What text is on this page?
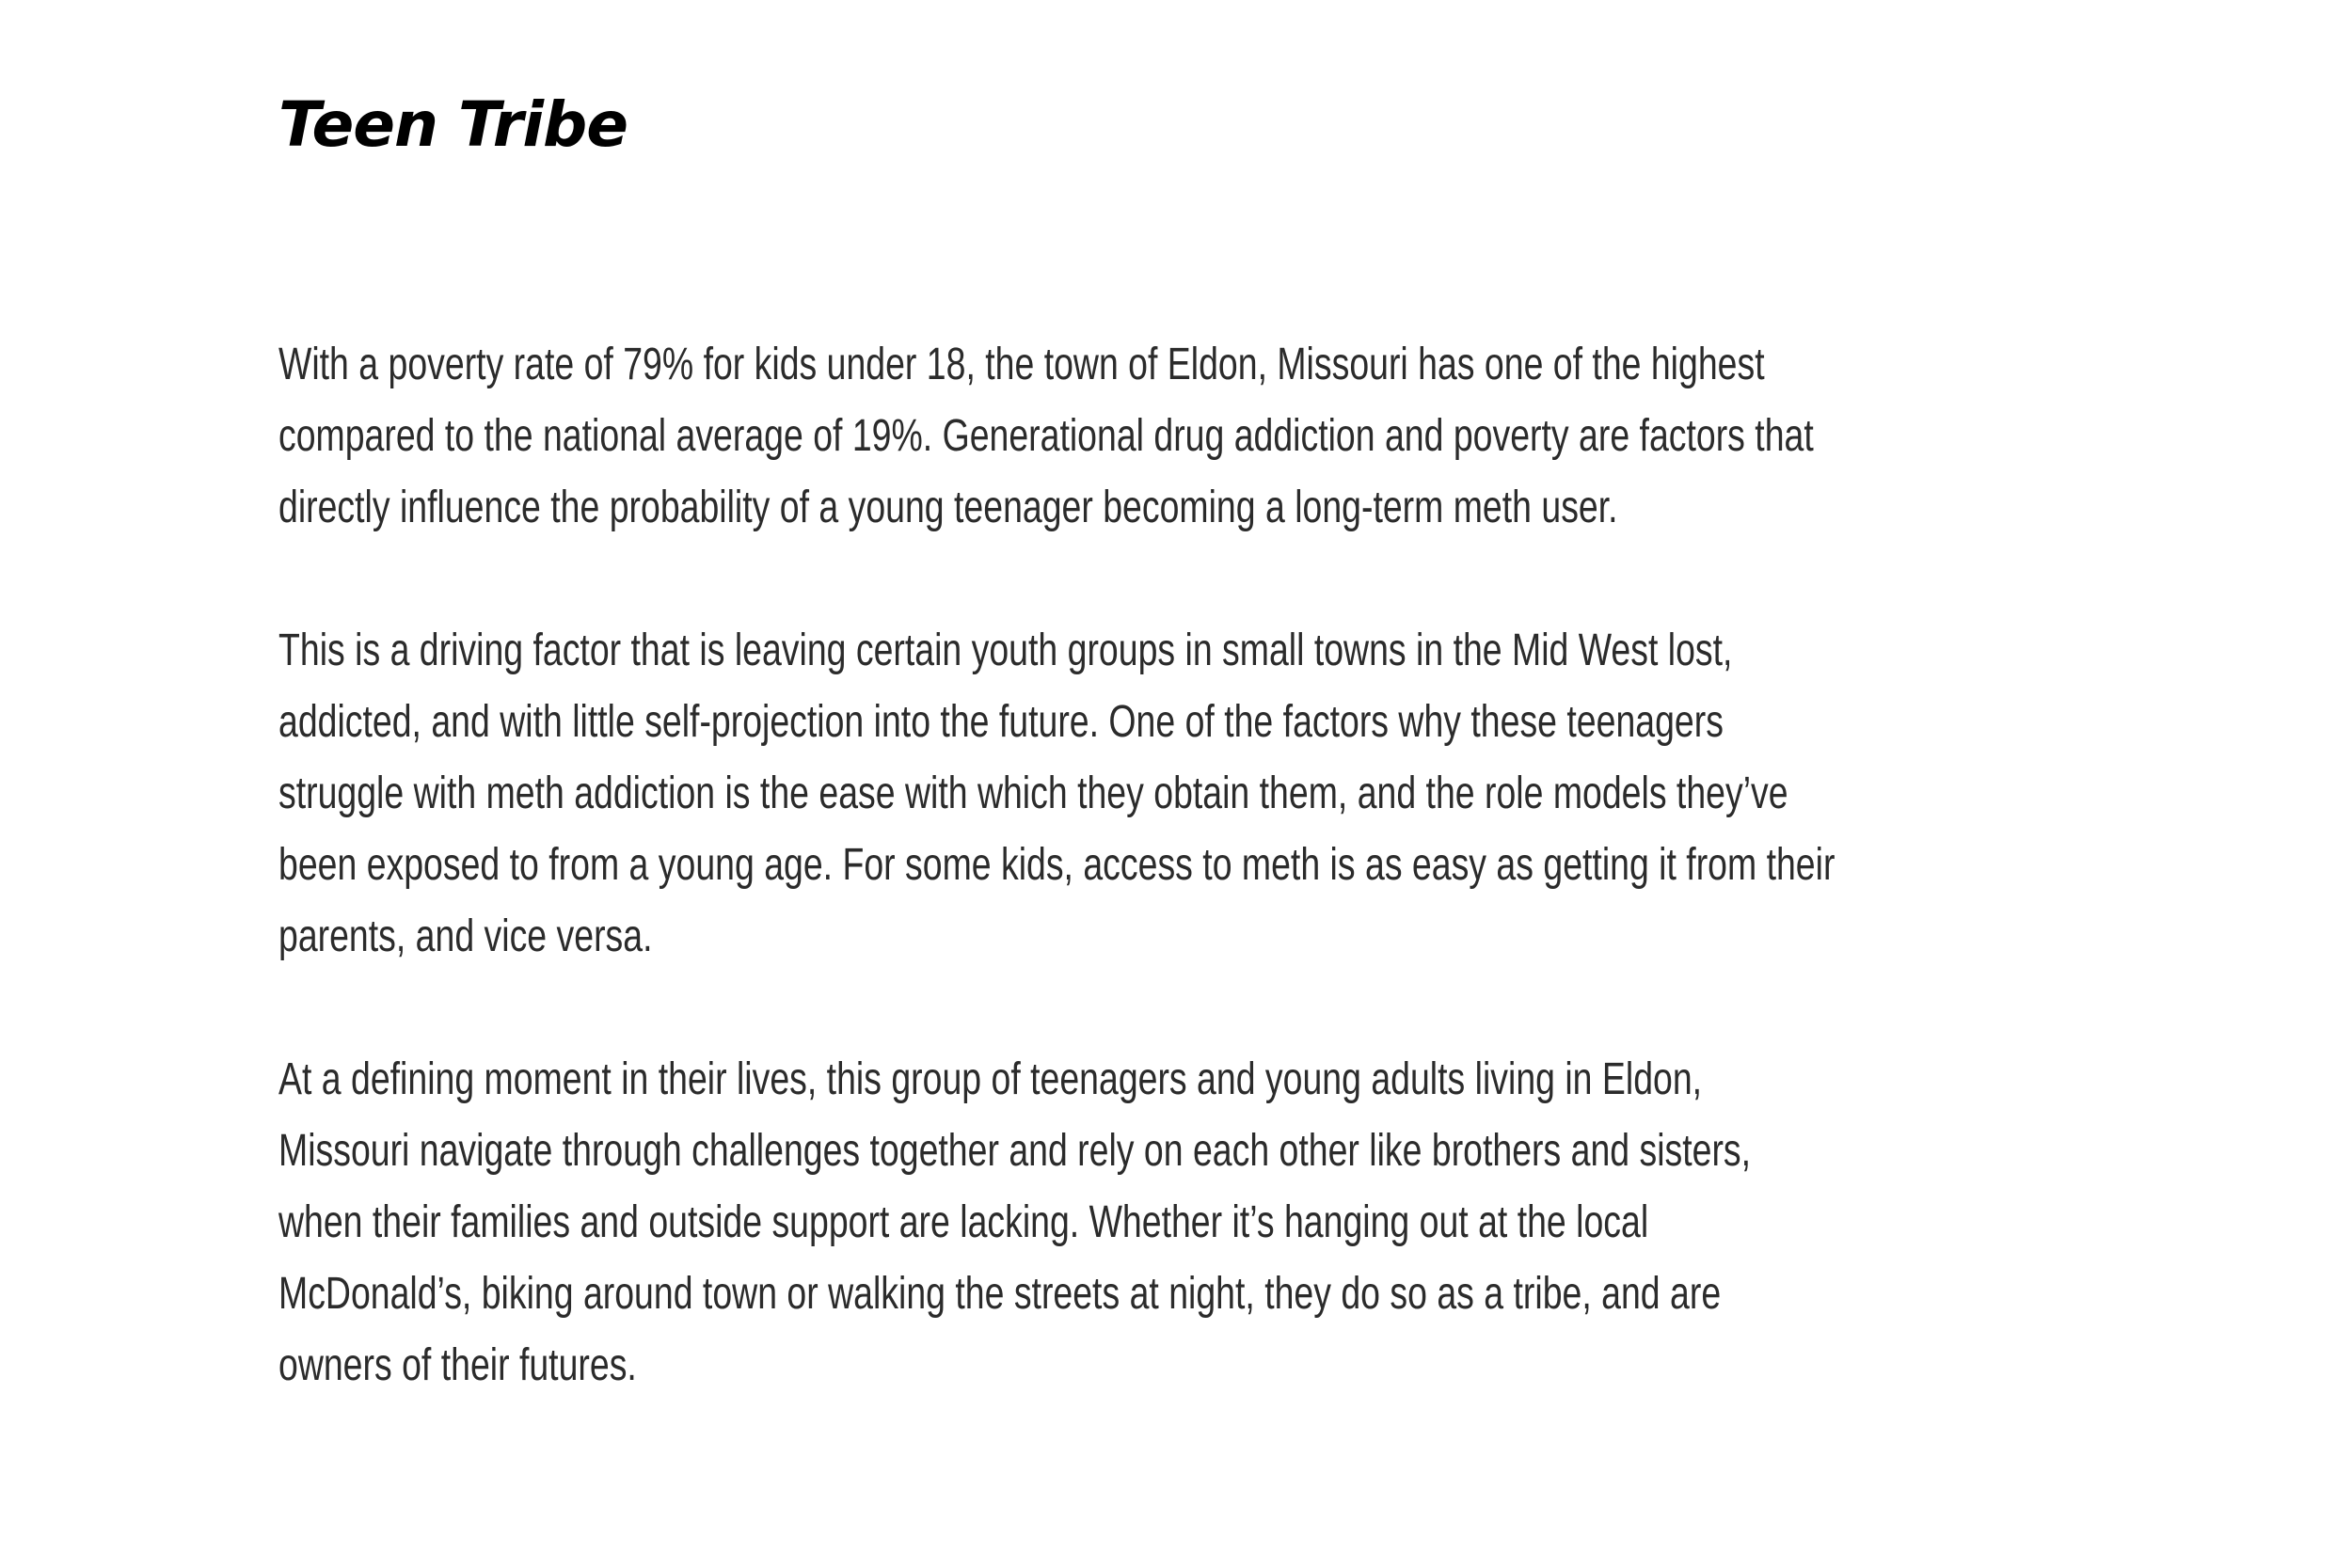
Teen Tribe

With a poverty rate of 79% for kids under 18, the town of Eldon, Missouri has one of the highest
compared to the national average of 19%. Generational drug addiction and poverty are factors that
directly influence the probability of a young teenager becoming a long-term meth user.

This is a driving factor that is leaving certain youth groups in small towns in the Mid West lost,
addicted, and with little self-projection into the future. One of the factors why these teenagers
struggle with meth addiction is the ease with which they obtain them, and the role models they’ve
been exposed to from a young age. For some kids, access to meth is as easy as getting it from their
parents, and vice versa.

At a defining moment in their lives, this group of teenagers and young adults living in Eldon,
Missouri navigate through challenges together and rely on each other like brothers and sisters,
when their families and outside support are lacking. Whether it’s hanging out at the local
McDonald’s, biking around town or walking the streets at night, they do so as a tribe, and are
owners of their futures.
